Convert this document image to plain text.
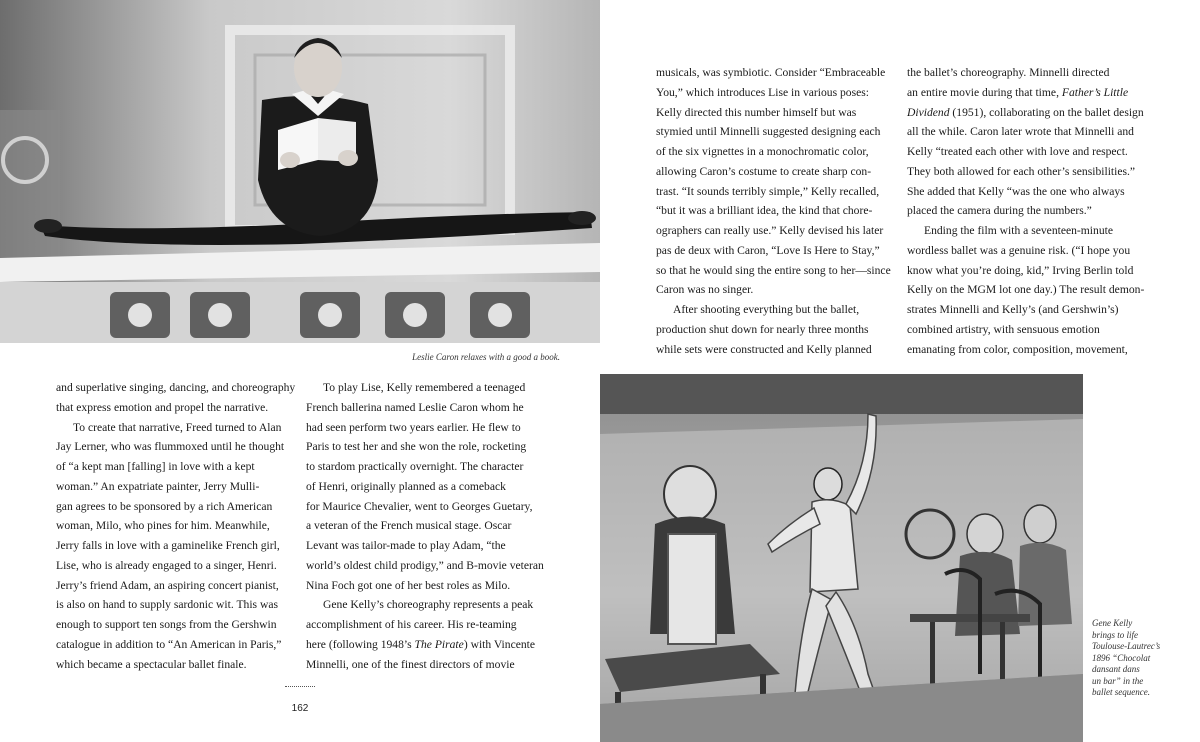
Leslie Caron relaxes with a good a book.
musicals, was symbiotic. Consider “Embraceable
You,” which introduces Lise in various poses:
Kelly directed this number himself but was
stymied until Minnelli suggested designing each
of the six vignettes in a monochromatic color,
allowing Caron’s costume to create sharp con-
trast. “It sounds terribly simple,” Kelly recalled,
“but it was a brilliant idea, the kind that chore-
ographers can really use.” Kelly devised his later
pas de deux with Caron, “Love Is Here to Stay,”
so that he would sing the entire song to her—since
Caron was no singer.
After shooting everything but the ballet,
production shut down for nearly three months
while sets were constructed and Kelly planned
the ballet’s choreography. Minnelli directed
an entire movie during that time, Father’s Little
Dividend (1951), collaborating on the ballet design
all the while. Caron later wrote that Minnelli and
Kelly “treated each other with love and respect.
They both allowed for each other’s sensibilities.”
She added that Kelly “was the one who always
placed the camera during the numbers.”
Ending the film with a seventeen-minute
wordless ballet was a genuine risk. (“I hope you
know what you’re doing, kid,” Irving Berlin told
Kelly on the MGM lot one day.) The result demon-
strates Minnelli and Kelly’s (and Gershwin’s)
combined artistry, with sensuous emotion
emanating from color, composition, movement,
and superlative singing, dancing, and choreography
that express emotion and propel the narrative.
To create that narrative, Freed turned to Alan
Jay Lerner, who was flummoxed until he thought
of “a kept man [falling] in love with a kept
woman.” An expatriate painter, Jerry Mulli-
gan agrees to be sponsored by a rich American
woman, Milo, who pines for him. Meanwhile,
Jerry falls in love with a gaminelike French girl,
Lise, who is already engaged to a singer, Henri.
Jerry’s friend Adam, an aspiring concert pianist,
is also on hand to supply sardonic wit. This was
enough to support ten songs from the Gershwin
catalogue in addition to “An American in Paris,”
which became a spectacular ballet finale.
To play Lise, Kelly remembered a teenaged
French ballerina named Leslie Caron whom he
had seen perform two years earlier. He flew to
Paris to test her and she won the role, rocketing
to stardom practically overnight. The character
of Henri, originally planned as a comeback
for Maurice Chevalier, went to Georges Guetary,
a veteran of the French musical stage. Oscar
Levant was tailor-made to play Adam, “the
world’s oldest child prodigy,” and B-movie veteran
Nina Foch got one of her best roles as Milo.
Gene Kelly’s choreography represents a peak
accomplishment of his career. His re-teaming
here (following 1948’s The Pirate) with Vincente
Minnelli, one of the finest directors of movie
Gene Kelly
brings to life
Toulouse-Lautrec’s
1896 “Chocolat
dansant dans
un bar” in the
ballet sequence.
162
